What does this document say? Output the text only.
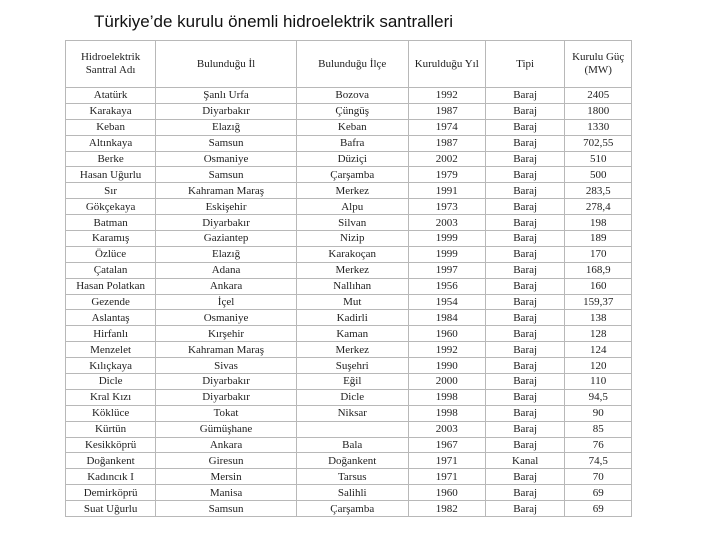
Türkiye’de kurulu önemli hidroelektrik santralleri
Hidroelektrik Santral Adı	Bulunduğu İl	Bulunduğu İlçe	Kurulduğu Yıl	Tipi	Kurulu Güç (MW)
Atatürk	Şanlı Urfa	Bozova	1992	Baraj	2405
Karakaya	Diyarbakır	Çüngüş	1987	Baraj	1800
Keban	Elazığ	Keban	1974	Baraj	1330
Altınkaya	Samsun	Bafra	1987	Baraj	702,55
Berke	Osmaniye	Düziçi	2002	Baraj	510
Hasan Uğurlu	Samsun	Çarşamba	1979	Baraj	500
Sır	Kahraman Maraş	Merkez	1991	Baraj	283,5
Gökçekaya	Eskişehir	Alpu	1973	Baraj	278,4
Batman	Diyarbakır	Silvan	2003	Baraj	198
Karamış	Gaziantep	Nizip	1999	Baraj	189
Özlüce	Elazığ	Karakoçan	1999	Baraj	170
Çatalan	Adana	Merkez	1997	Baraj	168,9
Hasan Polatkan	Ankara	Nallıhan	1956	Baraj	160
Gezende	İçel	Mut	1954	Baraj	159,37
Aslantaş	Osmaniye	Kadirli	1984	Baraj	138
Hirfanlı	Kırşehir	Kaman	1960	Baraj	128
Menzelet	Kahraman Maraş	Merkez	1992	Baraj	124
Kılıçkaya	Sivas	Suşehri	1990	Baraj	120
Dicle	Diyarbakır	Eğil	2000	Baraj	110
Kral Kızı	Diyarbakır	Dicle	1998	Baraj	94,5
Köklüce	Tokat	Niksar	1998	Baraj	90
Kürtün	Gümüşhane		2003	Baraj	85
Kesikköprü	Ankara	Bala	1967	Baraj	76
Doğankent	Giresun	Doğankent	1971	Kanal	74,5
Kadıncık I	Mersin	Tarsus	1971	Baraj	70
Demirköprü	Manisa	Salihli	1960	Baraj	69
Suat Uğurlu	Samsun	Çarşamba	1982	Baraj	69
